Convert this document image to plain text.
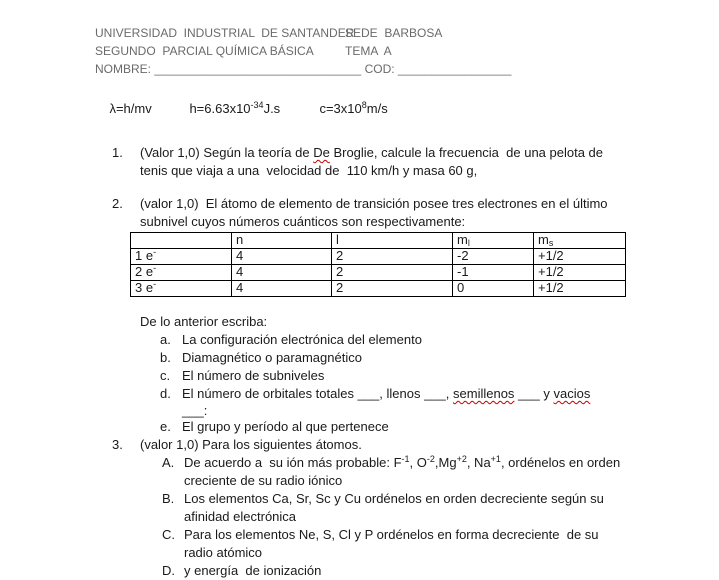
UNIVERSIDAD  INDUSTRIAL  DE SANTANDER
SEDE  BARBOSA
SEGUNDO  PARCIAL QUÍMICA BÁSICA	TEMA  A
NOMBRE: _______________________________ COD: _________________

λ=h/mv	$h=6.63x10^{-34}J.s$	$c=3x10^8m/s$

1.	(Valor 1,0) Según la teoría de De Broglie, calcule la frecuencia  de una pelota de tenis que viaja a una  velocidad de  110 km/h y masa 60 g,
2.	(valor 1,0)  El átomo de elemento de transición posee tres electrones en el último subnivel cuyos números cuánticos son respectivamente:
	n	l	$m_l$	$m_s$
1 e-	4	2	-2	+1/2
2 e-	4	2	-1	+1/2
3 e-	4	2	0	+1/2
De lo anterior escriba:
a. La configuración electrónica del elemento
b. Diamagnético o paramagnético
c. El número de subniveles
d. El número de orbitales totales ___, llenos ___, semillenos ___ y vacios
___:
e. El grupo y período al que pertenece
3.	(valor 1,0) Para los siguientes átomos.
A. De acuerdo a  su ión más probable: $F^{-1}$, $O^{-2},Mg^{+2}$, $Na^{+1}$, ordénelos en orden creciente de su radio iónico
B. Los elementos Ca, Sr, Sc y Cu ordénelos en orden decreciente según su afinidad electrónica
C. Para los elementos Ne, S, Cl y P ordénelos en forma decreciente  de su radio atómico
D. y energía  de ionización
